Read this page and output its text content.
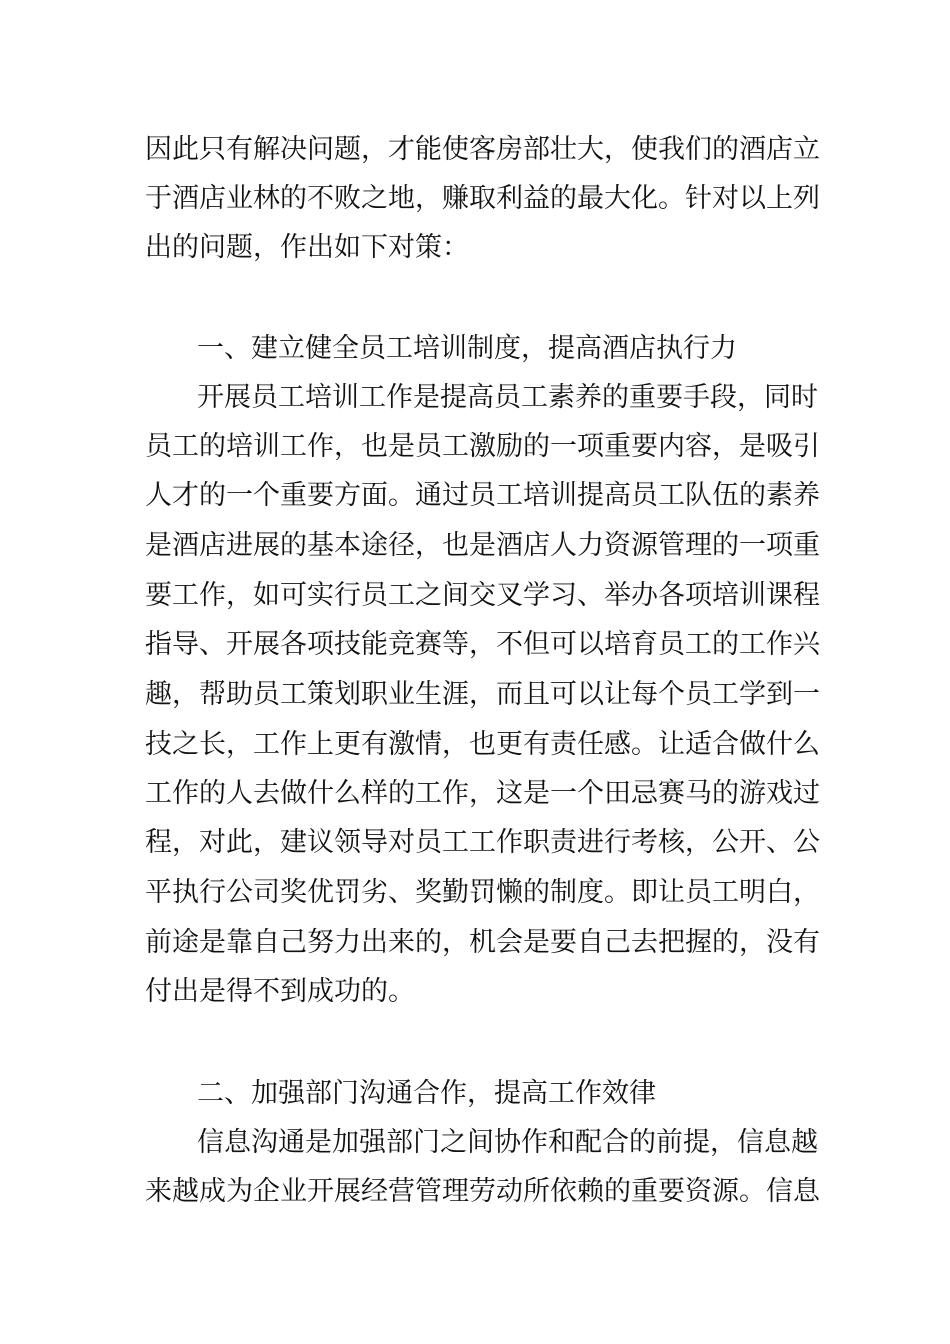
因此只有解决问题，才能使客房部壮大，使我们的酒店立
于酒店业林的不败之地，赚取利益的最大化。针对以上列
出的问题，作出如下对策：
一、建立健全员工培训制度，提高酒店执行力
开展员工培训工作是提高员工素养的重要手段，同时
员工的培训工作，也是员工激励的一项重要内容，是吸引
人才的一个重要方面。通过员工培训提高员工队伍的素养
是酒店进展的基本途径，也是酒店人力资源管理的一项重
要工作，如可实行员工之间交叉学习、举办各项培训课程
指导、开展各项技能竞赛等，不但可以培育员工的工作兴
趣，帮助员工策划职业生涯，而且可以让每个员工学到一
技之长，工作上更有激情，也更有责任感。让适合做什么
工作的人去做什么样的工作，这是一个田忌赛马的游戏过
程，对此，建议领导对员工工作职责进行考核，公开、公
平执行公司奖优罚劣、奖勤罚懒的制度。即让员工明白，
前途是靠自己努力出来的，机会是要自己去把握的，没有
付出是得不到成功的。
二、加强部门沟通合作，提高工作效律
信息沟通是加强部门之间协作和配合的前提，信息越
来越成为企业开展经营管理劳动所依赖的重要资源。信息
